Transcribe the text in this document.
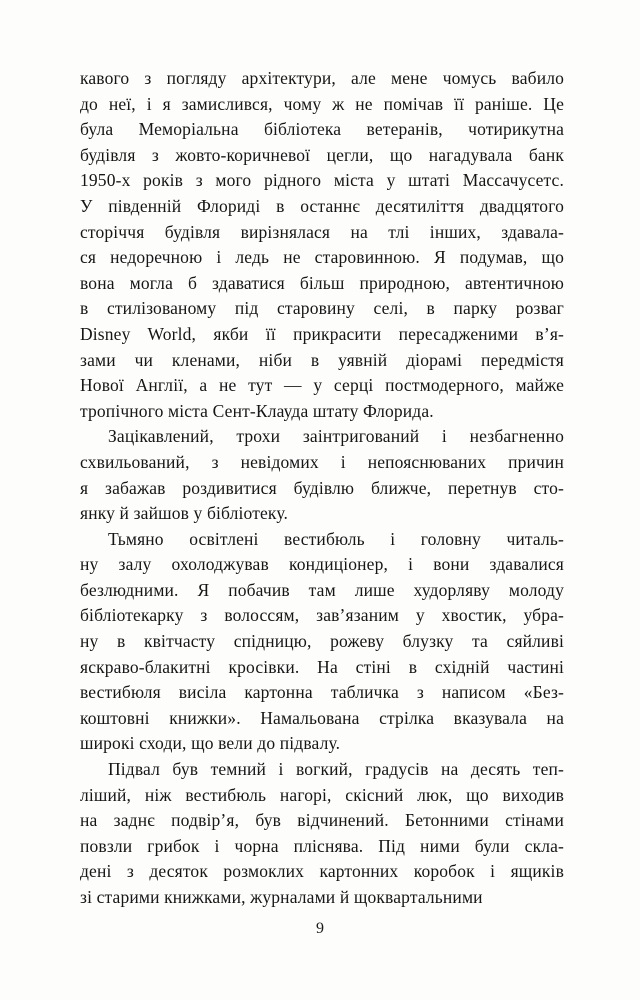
кавого з погляду архітектури, але мене чомусь вабило
до неї, і я замислився, чому ж не помічав її раніше. Це
була Меморіальна бібліотека ветеранів, чотирикутна
будівля з жовто-коричневої цегли, що нагадувала банк
1950-х років з мого рідного міста у штаті Массачусетс.
У південній Флориді в останнє десятиліття двадцятого
сторіччя будівля вирізнялася на тлі інших, здавала-
ся недоречною і ледь не старовинною. Я подумав, що
вона могла б здаватися більш природною, автентичною
в стилізованому під старовину селі, в парку розваг
Disney World, якби її прикрасити пересадженими в’я-
зами чи кленами, ніби в уявній діорамі передмістя
Нової Англії, а не тут — у серці постмодерного, майже
тропічного міста Сент-Клауда штату Флорида.
Зацікавлений, трохи заінтригований і незбагненно
схвильований, з невідомих і непояснюваних причин
я забажав роздивитися будівлю ближче, перетнув сто-
янку й зайшов у бібліотеку.
Тьмяно освітлені вестибюль і головну читаль-
ну залу охолоджував кондиціонер, і вони здавалися
безлюдними. Я побачив там лише худорляву молоду
бібліотекарку з волоссям, зав’язаним у хвостик, убра-
ну в квітчасту спідницю, рожеву блузку та сяйливі
яскраво-блакитні кросівки. На стіні в східній частині
вестибюля висіла картонна табличка з написом «Без-
коштовні книжки». Намальована стрілка вказувала на
широкі сходи, що вели до підвалу.
Підвал був темний і вогкий, градусів на десять теп-
ліший, ніж вестибюль нагорі, скісний люк, що виходив
на заднє подвір’я, був відчинений. Бетонними стінами
повзли грибок і чорна пліснява. Під ними були скла-
дені з десяток розмоклих картонних коробок і ящиків
зі старими книжками, журналами й щоквартальними
9
